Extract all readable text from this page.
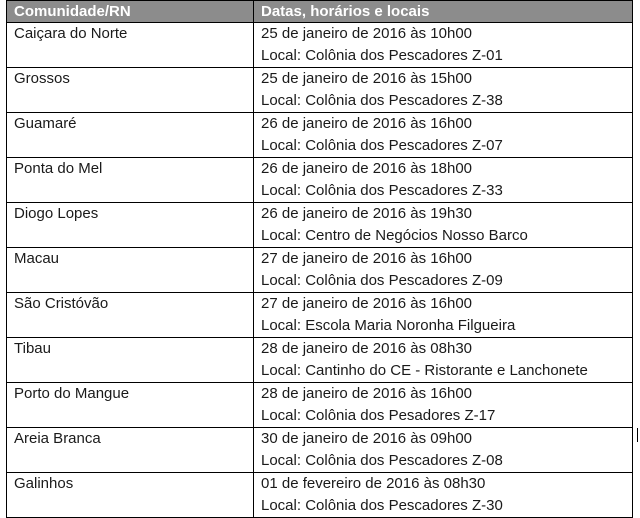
Comunidade/RN	Datas, horários e locais

Caiçara do Norte	25 de janeiro de 2016 às 10h00
Local: Colônia dos Pescadores Z-01

Grossos	25 de janeiro de 2016 às 15h00
Local: Colônia dos Pescadores Z-38

Guamaré	26 de janeiro de 2016 às 16h00
Local: Colônia dos Pescadores Z-07

Ponta do Mel	26 de janeiro de 2016 às 18h00
Local: Colônia dos Pescadores Z-33

Diogo Lopes	26 de janeiro de 2016 às 19h30
Local: Centro de Negócios Nosso Barco

Macau	27 de janeiro de 2016 às 16h00
Local: Colônia dos Pescadores Z-09

São Cristóvão	27 de janeiro de 2016 às 16h00
Local: Escola Maria Noronha Filgueira

Tibau	28 de janeiro de 2016 às 08h30
Local: Cantinho do CE - Ristorante e Lanchonete

Porto do Mangue	28 de janeiro de 2016 às 16h00
Local: Colônia dos Pesadores Z-17

Areia Branca	30 de janeiro de 2016 às 09h00
Local: Colônia dos Pescadores Z-08

Galinhos	01 de fevereiro de 2016 às 08h30
Local: Colônia dos Pescadores Z-30
